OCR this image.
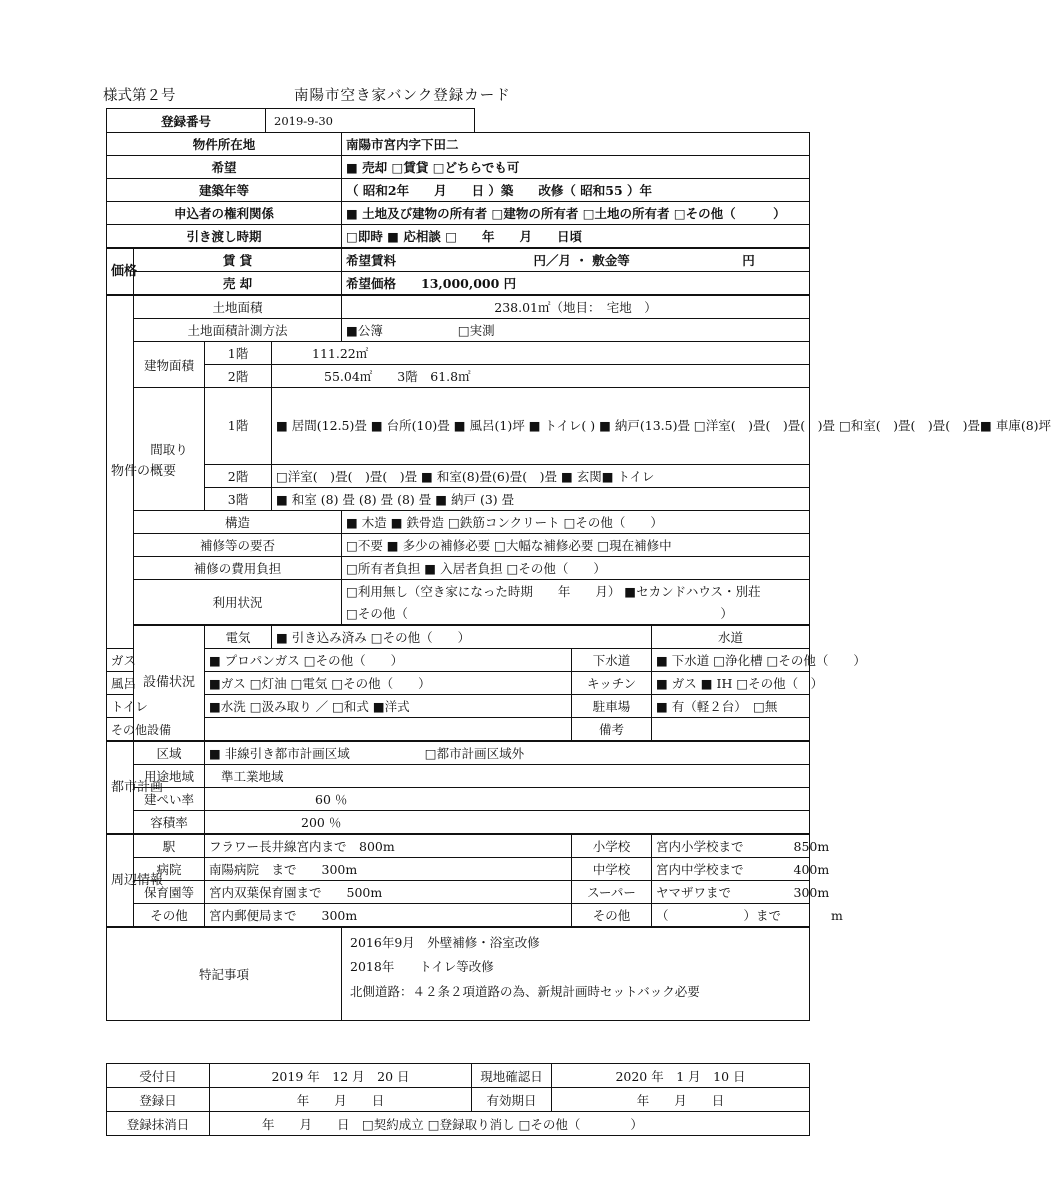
様式第２号	南陽市空き家バンク登録カード
登録番号	2019-9-30
物件所在地				南陽市宮内字下田二			
希望				■ 売却 □賃貸 □どちらでも可			
建築年等				（ 昭和2年　　月　　日 ）築　　改修（ 昭和55 ）年			
申込者の権利関係				■ 土地及び建物の所有者 □建物の所有者 □土地の所有者 □その他（　　　）			
引き渡し時期				□即時 ■ 応相談 □　　年　　月　　日頃			
価格	賃 貸			希望賃料　　　　　　　　　　　円／月 ・ 敷金等　　　　　　　　　円			
	売 却			希望価格　　13,000,000 円			
物件の概要	土地面積			238.01㎡（地目：　宅地　）			
	土地面積計測方法			■公簿　　　　　　□実測			
	建物面積	1階	111.22㎡				
		2階	55.04㎡　　3階　61.8㎡				
	間取り	1階	■ 居間(12.5)畳 ■ 台所(10)畳 ■ 風呂(1)坪 ■ トイレ( ) ■ 納戸(13.5)畳 □洋室(　)畳(　)畳(　)畳 □和室(　)畳(　)畳(　)畳■ 車庫(8)坪				
		2階	□洋室(　)畳(　)畳(　)畳 ■ 和室(8)畳(6)畳(　)畳 ■ 玄関■ トイレ				
		3階	■ 和室 (8) 畳 (8) 畳 (8) 畳 ■ 納戸 (3) 畳				
	構造			■ 木造 ■ 鉄骨造 □鉄筋コンクリート □その他（　　）			
	補修等の要否			□不要 ■ 多少の補修必要 □大幅な補修必要 □現在補修中			
	補修の費用負担			□所有者負担 ■ 入居者負担 □その他（　　）			
	利用状況			□利用無し（空き家になった時期　　年　　月） ■セカンドハウス・別荘			
				□その他（　　　　　　　　　　　　　　　　　　　　　　　　　）			
	設備状況	電気	■ 引き込み済み □その他（　　）			水道	
ガス		■ プロパンガス □その他（　　）			下水道	■ 下水道 □浄化槽 □その他（　　）	
風呂		■ガス □灯油 □電気 □その他（　　）			キッチン	■ ガス ■ IH □その他（　）	
トイレ		■水洗 □汲み取り ／ □和式 ■洋式			駐車場	■ 有（軽２台）　□無	
その他設備					備考		
都市計画	区域	■ 非線引き都市計画区域　　　　　　□都市計画区域外					
	用途地域	準工業地域					
	建ぺい率	60 ％					
	容積率	200 ％					
周辺情報	駅	フラワー長井線宮内まで　800m			小学校	宮内小学校まで　　　　850m	
	病院	南陽病院　まで　　300m			中学校	宮内中学校まで　　　　400m	
	保育園等	宮内双葉保育園まで　　500m			スーパー	ヤマザワまで　　　　　300m	
	その他	宮内郵便局まで　　300m			その他	（　　　　　　）まで　　　　m	
特記事項				2016年9月　外壁補修・浴室改修
2018年　　トイレ等改修
北側道路：４２条２項道路の為、新規計画時セットバック必要			
受付日	2019 年　12 月　20 日	現地確認日	2020 年　1 月　10 日
登録日	年　　月　　日	有効期日	年　　月　　日
登録抹消日	年　　月　　日　□契約成立 □登録取り消し □その他（　　　　）		
